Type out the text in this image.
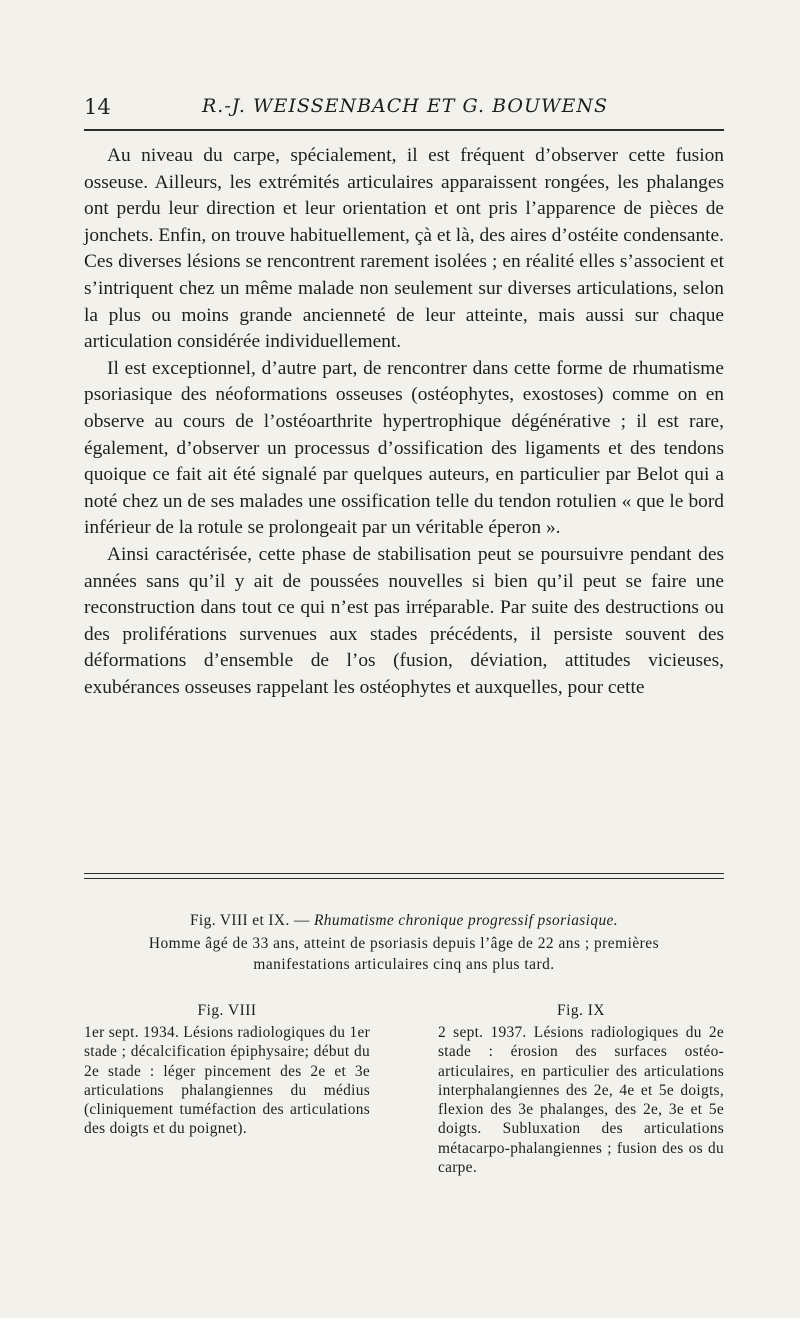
14	R.-J. WEISSENBACH ET G. BOUWENS

Au niveau du carpe, spécialement, il est fréquent d’observer cette fusion osseuse. Ailleurs, les extrémités articulaires apparaissent rongées, les phalanges ont perdu leur direction et leur orientation et ont pris l’apparence de pièces de jonchets. Enfin, on trouve habituellement, çà et là, des aires d’ostéite condensante. Ces diverses lésions se rencontrent rarement isolées ; en réalité elles s’associent et s’intriquent chez un même malade non seulement sur diverses articulations, selon la plus ou moins grande ancienneté de leur atteinte, mais aussi sur chaque articulation considérée individuellement.

Il est exceptionnel, d’autre part, de rencontrer dans cette forme de rhumatisme psoriasique des néoformations osseuses (ostéophytes, exostoses) comme on en observe au cours de l’ostéoarthrite hypertrophique dégénérative ; il est rare, également, d’observer un processus d’ossification des ligaments et des tendons quoique ce fait ait été signalé par quelques auteurs, en particulier par Belot qui a noté chez un de ses malades une ossification telle du tendon rotulien « que le bord inférieur de la rotule se prolongeait par un véritable éperon ».

Ainsi caractérisée, cette phase de stabilisation peut se poursuivre pendant des années sans qu’il y ait de poussées nouvelles si bien qu’il peut se faire une reconstruction dans tout ce qui n’est pas irréparable. Par suite des destructions ou des proliférations survenues aux stades précédents, il persiste souvent des déformations d’ensemble de l’os (fusion, déviation, attitudes vicieuses, exubérances osseuses rappelant les ostéophytes et auxquelles, pour cette

Fig. VIII et IX. — Rhumatisme chronique progressif psoriasique.
Homme âgé de 33 ans, atteint de psoriasis depuis l’âge de 22 ans ; premières manifestations articulaires cinq ans plus tard.
Fig. VIII
1er sept. 1934. Lésions radiologiques du 1er stade ; décalcification épiphysaire; début du 2e stade : léger pincement des 2e et 3e articulations phalangiennes du médius (cliniquement tuméfaction des articulations des doigts et du poignet).
Fig. IX
2 sept. 1937. Lésions radiologiques du 2e stade : érosion des surfaces ostéo-articulaires, en particulier des articulations interphalangiennes des 2e, 4e et 5e doigts, flexion des 3e phalanges, des 2e, 3e et 5e doigts. Subluxation des articulations métacarpo-phalangiennes ; fusion des os du carpe.
